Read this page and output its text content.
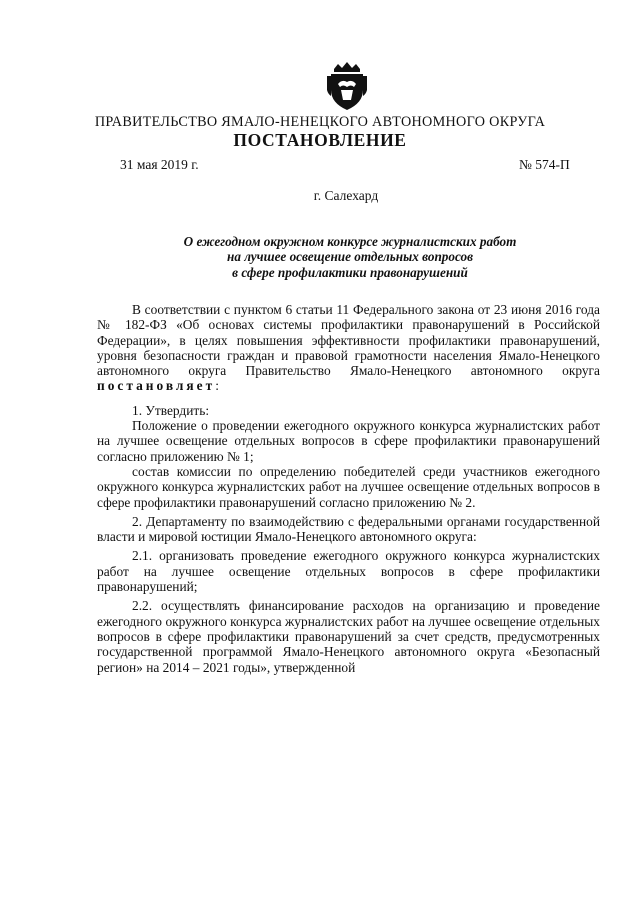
ПРАВИТЕЛЬСТВО ЯМАЛО-НЕНЕЦКОГО АВТОНОМНОГО ОКРУГА
ПОСТАНОВЛЕНИЕ
31 мая 2019 г.	№ 574-П
г. Салехард
О ежегодном окружном конкурсе журналистских работ
на лучшее освещение отдельных вопросов
в сфере профилактики правонарушений

В соответствии с пунктом 6 статьи 11 Федерального закона от 23 июня 2016 года № 182-ФЗ «Об основах системы профилактики правонарушений в Российской Федерации», в целях повышения эффективности профилактики правонарушений, уровня безопасности граждан и правовой грамотности населения Ямало-Ненецкого автономного округа Правительство Ямало-Ненецкого автономного округа постановляет:

1. Утвердить:

Положение о проведении ежегодного окружного конкурса журналистских работ на лучшее освещение отдельных вопросов в сфере профилактики правонарушений согласно приложению № 1;

состав комиссии по определению победителей среди участников ежегодного окружного конкурса журналистских работ на лучшее освещение отдельных вопросов в сфере профилактики правонарушений согласно приложению № 2.

2. Департаменту по взаимодействию с федеральными органами государственной власти и мировой юстиции Ямало-Ненецкого автономного округа:

2.1. организовать проведение ежегодного окружного конкурса журналистских работ на лучшее освещение отдельных вопросов в сфере профилактики правонарушений;

2.2. осуществлять финансирование расходов на организацию и проведение ежегодного окружного конкурса журналистских работ на лучшее освещение отдельных вопросов в сфере профилактики правонарушений за счет средств, предусмотренных государственной программой Ямало-Ненецкого автономного округа «Безопасный регион» на 2014 – 2021 годы», утвержденной
